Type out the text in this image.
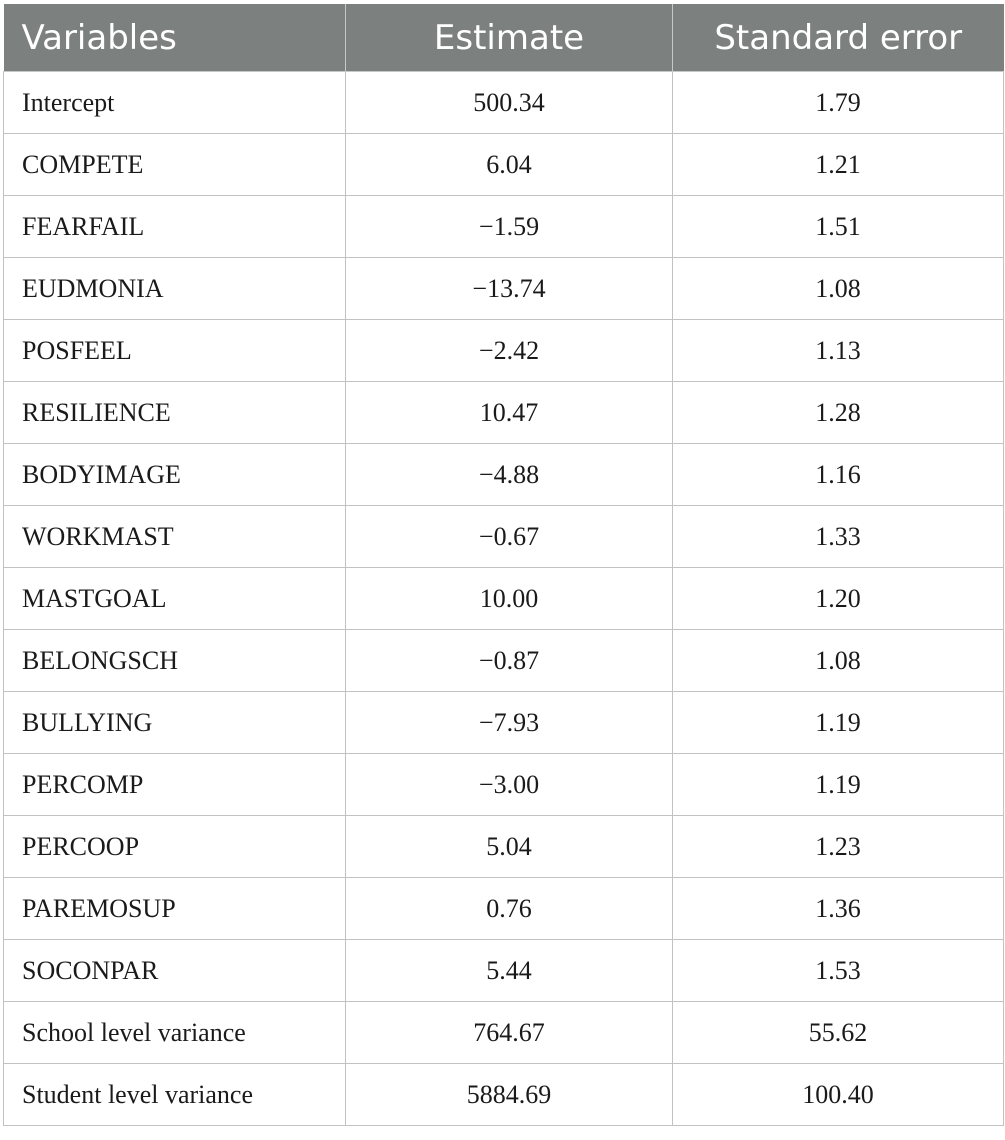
Variables	Estimate	Standard error
Intercept	500.34	1.79
COMPETE	6.04	1.21
FEARFAIL	−1.59	1.51
EUDMONIA	−13.74	1.08
POSFEEL	−2.42	1.13
RESILIENCE	10.47	1.28
BODYIMAGE	−4.88	1.16
WORKMAST	−0.67	1.33
MASTGOAL	10.00	1.20
BELONGSCH	−0.87	1.08
BULLYING	−7.93	1.19
PERCOMP	−3.00	1.19
PERCOOP	5.04	1.23
PAREMOSUP	0.76	1.36
SOCONPAR	5.44	1.53
School level variance	764.67	55.62
Student level variance	5884.69	100.40
